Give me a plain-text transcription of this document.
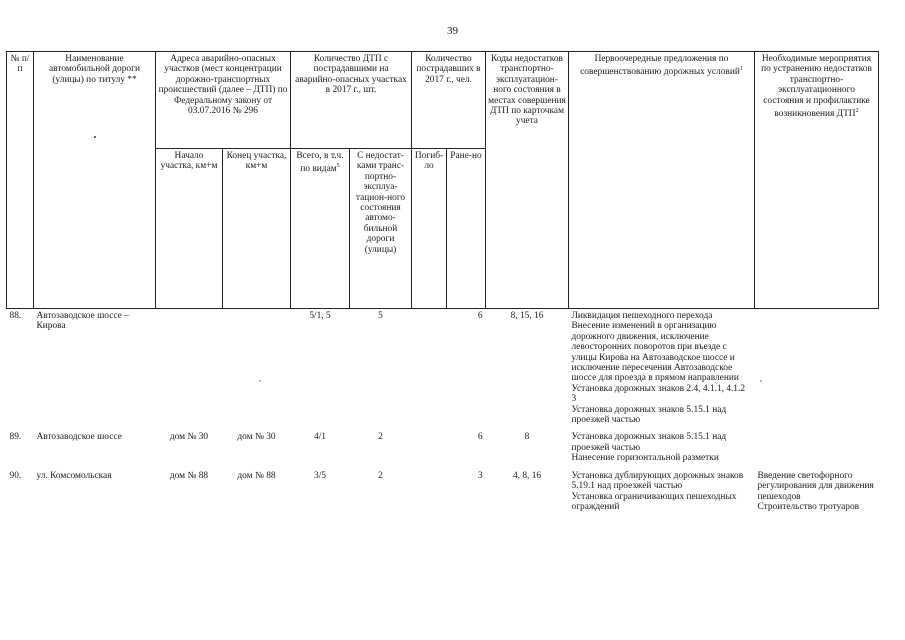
39
№ п/п	Наименование автомобильной дороги (улицы) по титулу **	Адреса аварийно-опасных участков (мест концентрации дорожно-транспортных происшествий (далее – ДТП) по Федеральному закону от 03.07.2016 № 296		Количество ДТП с пострадавшими на аварийно-опасных участках в 2017 г., шт.		Количество пострадавших в 2017 г., чел.		Коды недостатков транспортно-эксплуатацион-ного состояния в местах совершения ДТП по карточкам учета	Первоочередные предложения по совершенствованию дорожных условий$^1$	Необходимые мероприятия по устранению недостатков транспортно-эксплуатационного состояния и профилактике возникновения ДТП$^2$
		Начало участка, км+м	Конец участка, км+м	Всего, в т.ч. по видам$^5$	С недостат-ками транс-портно-эксплуа-тацион-ного состояния автомо-бильной дороги (улицы)	Погиб-ло	Ране-но			
88.	Автозаводское шоссе – Кирова			5/1, 5	5		6	8, 15, 16	Ликвидация пешеходного перехода
Внесение изменений в организацию дорожного движения, исключение левосторонних поворотов при въезде с улицы Кирова на Автозаводское шоссе и исключение пересечения Автозаводское шоссе для проезда в прямом направлении
Установка дорожных знаков 2.4, 4.1.1, 4.1.2 3
Установка дорожных знаков 5.15.1 над проезжей частью	

89.	Автозаводское шоссе	дом № 30	дом № 30	4/1	2		6	8	Установка дорожных знаков 5.15.1 над проезжей частью
Нанесение горизонтальной разметки	

90.	ул. Комсомольская	дом № 88	дом № 88	3/5	2		3	4, 8, 16	Установка дублирующих дорожных знаков 5.19.1 над проезжей частью
Установка ограничивающих пешеходных ограждений	Введение светофорного регулирования для движения пешеходов
Строительство тротуаров
